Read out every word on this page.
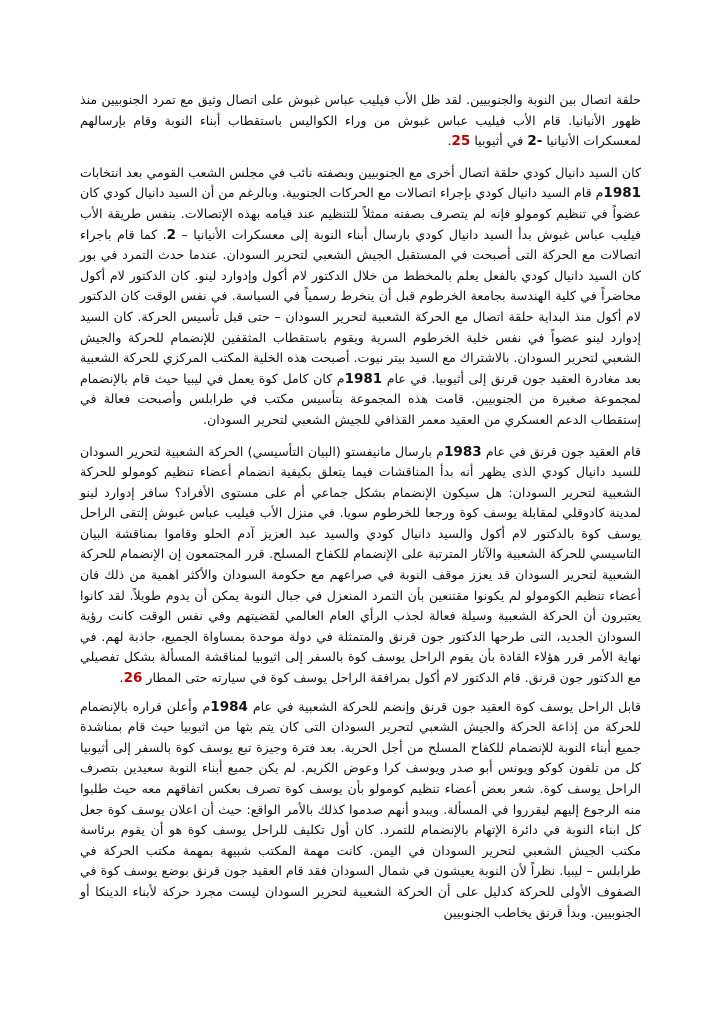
حلقة اتصال بين النوبة والجنوبيين. لقد ظل الأب فيليب عباس غبوش على اتصال وثيق مع تمرد الجنوبيين منذ ظهور الأنيانيا. قام الأب فيليب عباس غبوش من وراء الكواليس باستقطاب أبناء النوبة وقام بإرسالهم لمعسكرات الأنيانيا -2 في أثيوبيا 25.

كان السيد دانيال كودي حلقة اتصال أخرى مع الجنوبيين وبصفته نائب في مجلس الشعب القومي بعد انتخابات 1981م قام السيد دانيال كودي بإجراء اتصالات مع الحركات الجنوبية. وبالرغم من أن السيد دانيال كودي كان عضواً في تنظيم كومولو فإنه لم يتصرف بصفته ممثلاً للتنظيم عند قيامه بهذه الإتصالات. بنفس طريقة الأب فيليب عباس غبوش بدأ السيد دانيال كودي بارسال أبناء النوبة إلى معسكرات الأنيانيا – 2. كما قام باجراء اتصالات مع الحركة التى أصبحت في المستقبل الجيش الشعبي لتحرير السودان. عندما حدث التمرد في بور كان السيد دانيال كودي بالفعل يعلم بالمخطط من خلال الدكتور لام أكول وإدوارد لينو. كان الدكتور لام أكول محاضراً في كلية الهندسة بجامعة الخرطوم قبل أن ينخرط رسمياً في السياسة. في نفس الوقت كان الدكتور لام أكول منذ البداية حلقة اتصال مع الحركة الشعبية لتحرير السودان – حتى قبل تأسيس الحركة. كان السيد إدوارد لينو عضواً في نفس خلية الخرطوم السرية ويقوم باستقطاب المثقفين للإنضمام للحركة والجيش الشعبي لتحرير السودان. بالاشتراك مع السيد بيتر نيوت. أصبحت هذه الخلية المكتب المركزي للحركة الشعبية بعد مغادرة العقيد جون قرنق إلى أثيوبيا. في عام 1981م كان كامل كوة يعمل في ليبيا حيث قام بالإنضمام لمجموعة صغيرة من الجنوبيين. قامت هذه المجموعة بتأسيس مكتب في طرابلس وأصبحت فعالة في إستقطاب الدعم العسكري من العقيد معمر القذافي للجيش الشعبي لتحرير السودان.

قام العقيد جون قرنق في عام 1983م بارسال مانيفستو (البيان التأسيسي) الحركة الشعبية لتحرير السودان للسيد دانيال كودي الذى يظهر أنه بدأ المناقشات فيما يتعلق بكيفية انضمام أعضاء تنظيم كومولو للحركة الشعبية لتحرير السودان: هل سيكون الإنضمام بشكل جماعي أم على مستوى الأفراد؟ سافر إدوارد لينو لمدينة كادوقلي لمقابلة يوسف كوة ورجعا للخرطوم سويا. في منزل الأب فيليب عباس غبوش إلتقى الراحل يوسف كوة بالدكتور لام أكول والسيد دانيال كودي والسيد عبد العزيز آدم الحلو وقاموا بمناقشة البيان التاسيسي للحركة الشعبية والآثار المترتبة على الإنضمام للكفاح المسلح. قرر المجتمعون إن الإنضمام للحركة الشعبية لتحرير السودان قد يعزز موقف النوبة في صراعهم مع حكومة السودان والأكثر اهمية من ذلك فان أعضاء تنظيم الكومولو لم يكونوا مقتنعين بأن التمرد المنعزل في جبال النوبة يمكن أن يدوم طويلاً. لقد كانوا يعتبرون أن الحركة الشعبية وسيلة فعالة لجذب الرأي العام العالمي لقضيتهم وفي نفس الوقت كانت رؤية السودان الجديد، التى طرحها الدكتور جون قرنق والمتمثلة في دولة موحدة بمساواة الجميع، جاذبة لهم. في نهاية الأمر قرر هؤلاء القادة بأن يقوم الراحل يوسف كوة بالسفر إلى اثيوبيا لمناقشة المسألة بشكل تفصيلي مع الدكتور جون قرنق. قام الدكتور لام أكول بمرافقة الراحل يوسف كوة في سيارته حتى المطار 26.

قابل الراحل يوسف كوة العقيد جون قرنق وإنضم للحركة الشعبية في عام 1984م وأعلن قراره بالإنضمام للحركة من إذاعة الحركة والجيش الشعبي لتحرير السودان التى كان يتم بثها من اثيوبيا حيث قام بمناشدة جميع أبناء النوبة للإنضمام للكفاح المسلح من أجل الحرية. بعد فترة وجيزة تبع يوسف كوة بالسفر إلى أثيوبيا كل من تلفون كوكو ويونس أبو صدر ويوسف كرا وعوض الكريم. لم يكن جميع أبناء النوبة سعيدين بتصرف الراحل يوسف كوة. شعر بعض أعضاء تنظيم كومولو بأن يوسف كوة تصرف بعكس اتفاقهم معه حيث طلبوا منه الرجوع إليهم ليقرروا في المسألة. ويبدو أنهم صدموا كذلك بالأمر الواقع: حيث أن اعلان يوسف كوة جعل كل ابناء النوبة في دائرة الإتهام بالإنضمام للتمرد. كان أول تكليف للراحل يوسف كوة هو أن يقوم برئاسة مكتب الجيش الشعبي لتحرير السودان في اليمن. كانت مهمة المكتب شبيهة بمهمة مكتب الحركة في طرابلس – ليبيا. نظراً لأن النوبة يعيشون في شمال السودان فقد قام العقيد جون قرنق بوضع يوسف كوة في الصفوف الأولى للحركة كدليل على أن الحركة الشعبية لتحرير السودان ليست مجرد حركة لأبناء الدينكا أو الجنوبيين. وبدأ قرنق يخاطب الجنوبيين
